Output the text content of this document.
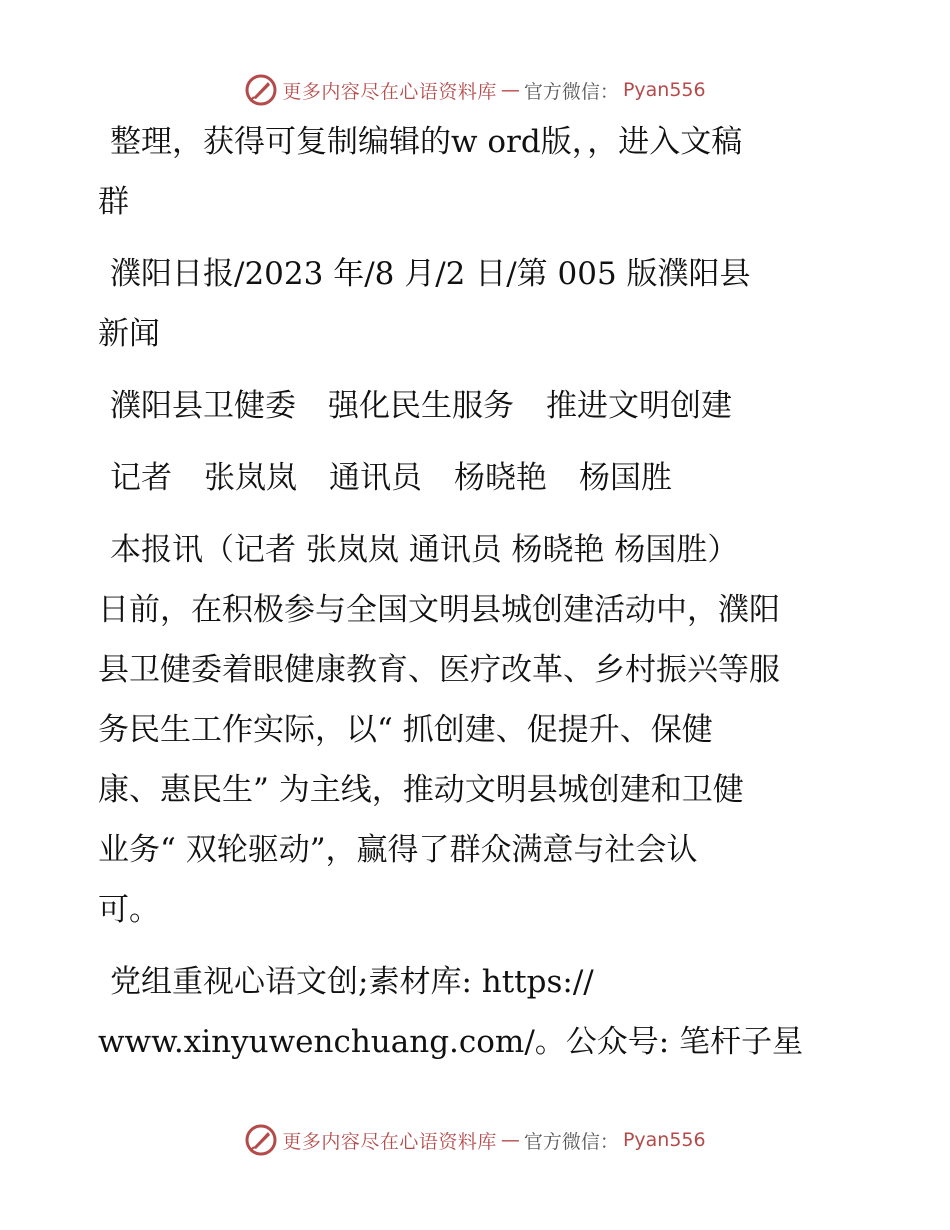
更多内容尽在心语资料库 — 官方微信： Pyan556

整理，获得可复制编辑的w ord版，，进入文稿
群

濮阳日报/2023 年/8 月/2 日/第 005 版濮阳县
新闻

濮阳县卫健委 强化民生服务 推进文明创建

记者 张岚岚 通讯员 杨晓艳 杨国胜

本报讯（记者 张岚岚 通讯员 杨晓艳 杨国胜）
日前，在积极参与全国文明县城创建活动中，濮阳
县卫健委着眼健康教育、医疗改革、乡村振兴等服
务民生工作实际，以“ 抓创建、促提升、保健
康、惠民生” 为主线，推动文明县城创建和卫健
业务“ 双轮驱动”，赢得了群众满意与社会认
可。

党组重视心语文创;素材库: https://
www.xinyuwenchuang.com/。公众号: 笔杆子星

更多内容尽在心语资料库 — 官方微信： Pyan556
